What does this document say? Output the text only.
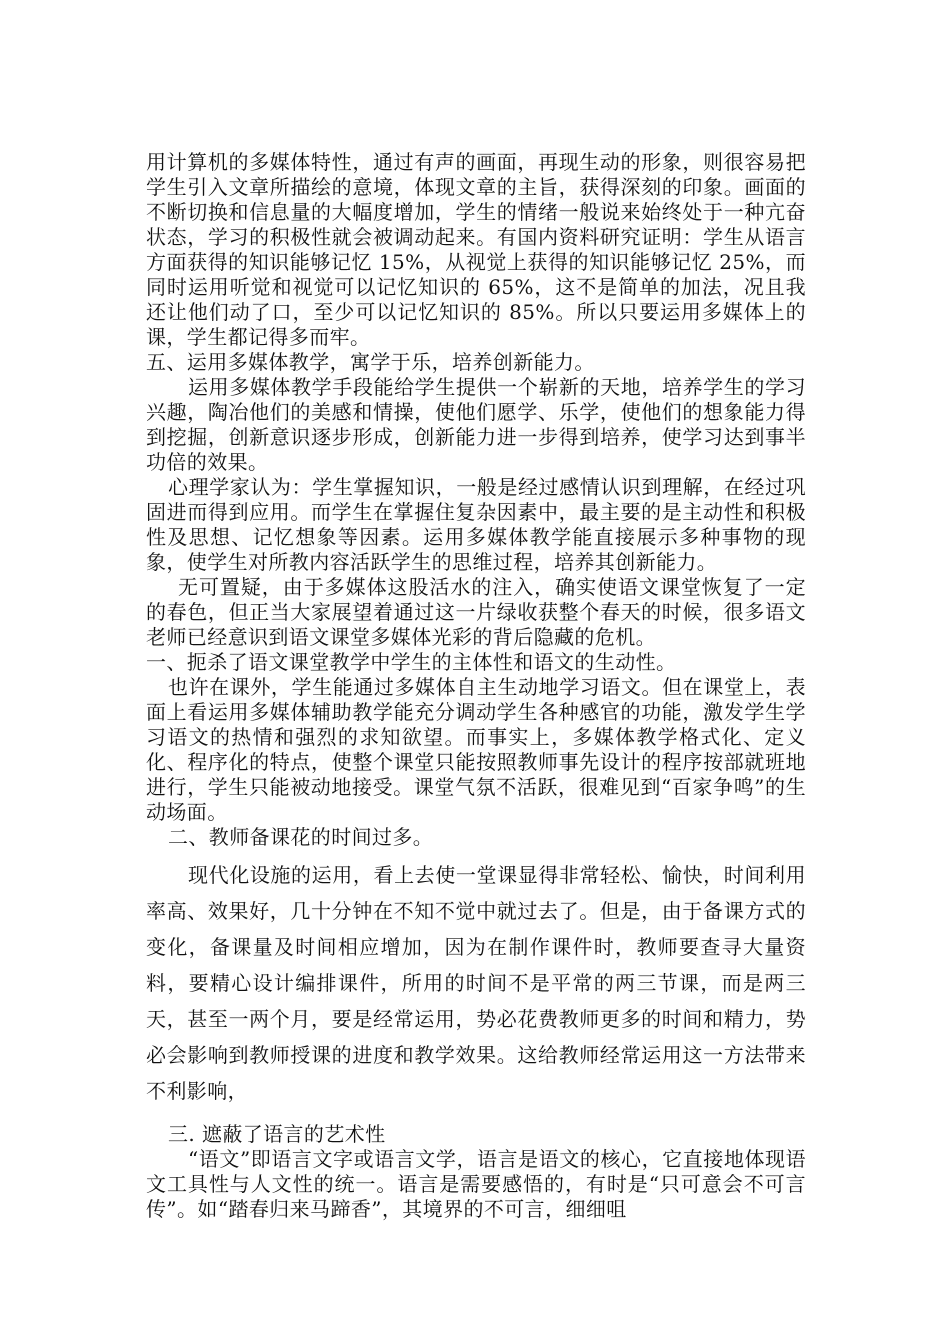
用计算机的多媒体特性，通过有声的画面，再现生动的形象，则很容易把学生引入文章所描绘的意境，体现文章的主旨，获得深刻的印象。画面的不断切换和信息量的大幅度增加，学生的情绪一般说来始终处于一种亢奋状态，学习的积极性就会被调动起来。有国内资料研究证明：学生从语言方面获得的知识能够记忆 15%，从视觉上获得的知识能够记忆 25%，而同时运用听觉和视觉可以记忆知识的 65%，这不是简单的加法，况且我还让他们动了口，至少可以记忆知识的 85%。所以只要运用多媒体上的课，学生都记得多而牢。

五、运用多媒体教学，寓学于乐，培养创新能力。

运用多媒体教学手段能给学生提供一个崭新的天地，培养学生的学习兴趣，陶冶他们的美感和情操，使他们愿学、乐学，使他们的想象能力得到挖掘，创新意识逐步形成，创新能力进一步得到培养，使学习达到事半功倍的效果。

心理学家认为：学生掌握知识，一般是经过感情认识到理解，在经过巩固进而得到应用。而学生在掌握住复杂因素中，最主要的是主动性和积极性及思想、记忆想象等因素。运用多媒体教学能直接展示多种事物的现象，使学生对所教内容活跃学生的思维过程，培养其创新能力。

无可置疑，由于多媒体这股活水的注入，确实使语文课堂恢复了一定的春色，但正当大家展望着通过这一片绿收获整个春天的时候，很多语文老师已经意识到语文课堂多媒体光彩的背后隐藏的危机。

一、扼杀了语文课堂教学中学生的主体性和语文的生动性。

也许在课外，学生能通过多媒体自主生动地学习语文。但在课堂上，表面上看运用多媒体辅助教学能充分调动学生各种感官的功能，激发学生学习语文的热情和强烈的求知欲望。而事实上，多媒体教学格式化、定义化、程序化的特点，使整个课堂只能按照教师事先设计的程序按部就班地进行，学生只能被动地接受。课堂气氛不活跃，很难见到“百家争鸣”的生动场面。

二、教师备课花的时间过多。

现代化设施的运用，看上去使一堂课显得非常轻松、愉快，时间利用率高、效果好，几十分钟在不知不觉中就过去了。但是，由于备课方式的变化，备课量及时间相应增加，因为在制作课件时，教师要查寻大量资料，要精心设计编排课件，所用的时间不是平常的两三节课，而是两三天，甚至一两个月，要是经常运用，势必花费教师更多的时间和精力，势必会影响到教师授课的进度和教学效果。这给教师经常运用这一方法带来不利影响，

三. 遮蔽了语言的艺术性

“语文”即语言文字或语言文学，语言是语文的核心，它直接地体现语文工具性与人文性的统一。语言是需要感悟的，有时是“只可意会不可言传”。如“踏春归来马蹄香”，其境界的不可言，细细咀
